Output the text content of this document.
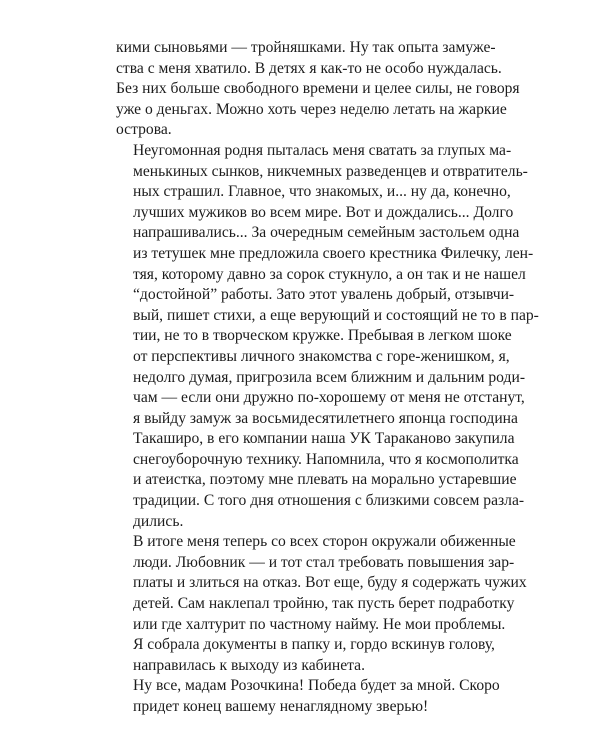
кими сыновьями — тройняшками. Ну так опыта замуже-
ства с меня хватило. В детях я как-то не особо нуждалась.
Без них больше свободного времени и целее силы, не говоря
уже о деньгах. Можно хоть через неделю летать на жаркие
острова.
Неугомонная родня пыталась меня сватать за глупых ма-
менькиных сынков, никчемных разведенцев и отвратитель-
ных страшил. Главное, что знакомых, и... ну да, конечно,
лучших мужиков во всем мире. Вот и дождались... Долго
напрашивались... За очередным семейным застольем одна
из тетушек мне предложила своего крестника Филечку, лен-
тяя, которому давно за сорок стукнуло, а он так и не нашел
“достойной” работы. Зато этот увалень добрый, отзывчи-
вый, пишет стихи, а еще верующий и состоящий не то в пар-
тии, не то в творческом кружке. Пребывая в легком шоке
от перспективы личного знакомства с горе-женишком, я,
недолго думая, пригрозила всем ближним и дальним роди-
чам — если они дружно по-хорошему от меня не отстанут,
я выйду замуж за восьмидесятилетнего японца господина
Такаширо, в его компании наша УК Тараканово закупила
снегоуборочную технику. Напомнила, что я космополитка
и атеистка, поэтому мне плевать на морально устаревшие
традиции. С того дня отношения с близкими совсем разла-
дились.
В итоге меня теперь со всех сторон окружали обиженные
люди. Любовник — и тот стал требовать повышения зар-
платы и злиться на отказ. Вот еще, буду я содержать чужих
детей. Сам наклепал тройню, так пусть берет подработку
или где халтурит по частному найму. Не мои проблемы.
Я собрала документы в папку и, гордо вскинув голову,
направилась к выходу из кабинета.
Ну все, мадам Розочкина! Победа будет за мной. Скоро
придет конец вашему ненаглядному зверью!
